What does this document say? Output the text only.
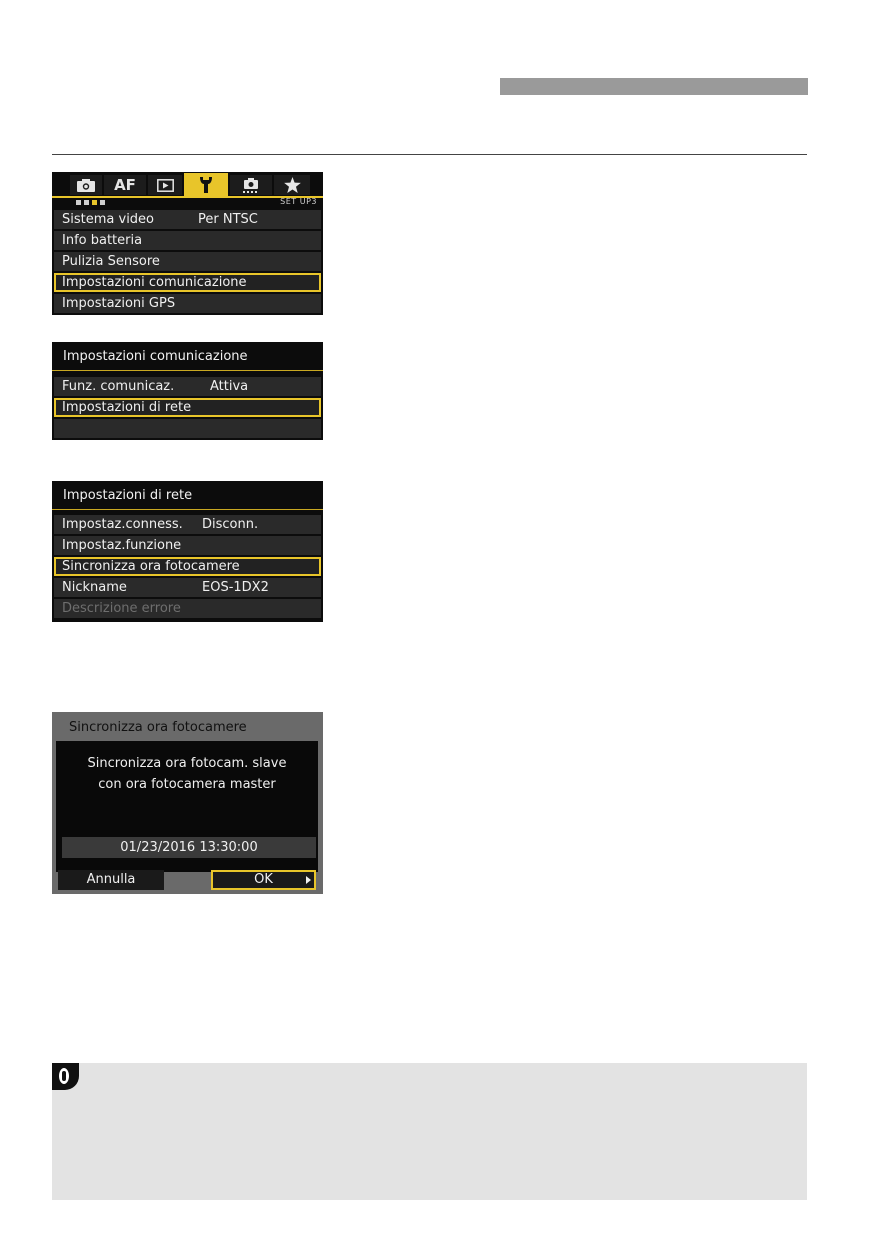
AF
SET UP3
Sistema video	Per NTSC
Info batteria
Pulizia Sensore
Impostazioni comunicazione
Impostazioni GPS
Impostazioni comunicazione
Funz. comunicaz.	Attiva
Impostazioni di rete
Impostazioni di rete
Impostaz.conness. Disconn.
Impostaz.funzione
Sincronizza ora fotocamere
Nickname	EOS-1DX2
Descrizione errore
Sincronizza ora fotocamere
Sincronizza ora fotocam. slave
con ora fotocamera master
01/23/2016 13:30:00
Annulla	OK
